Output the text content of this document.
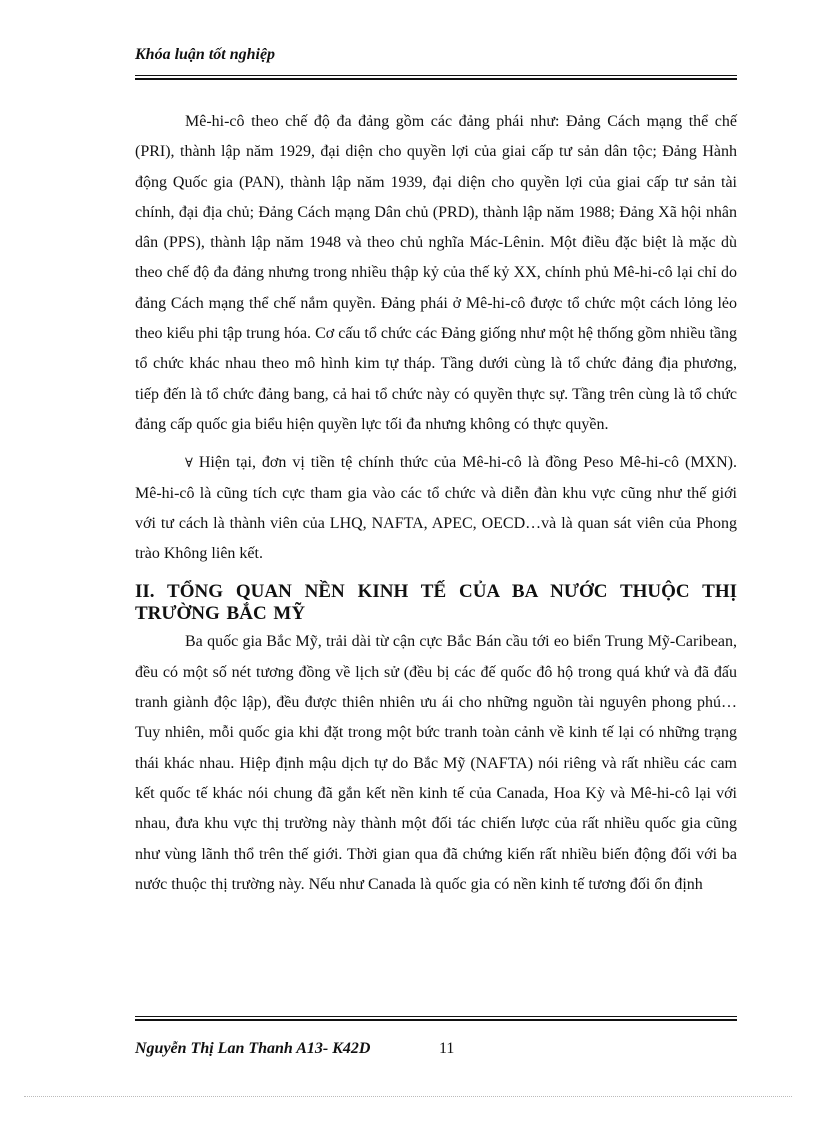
Khóa luận tốt nghiệp

Mê-hi-cô theo chế độ đa đảng gồm các đảng phái như: Đảng Cách mạng thể chế (PRI), thành lập năm 1929, đại diện cho quyền lợi của giai cấp tư sản dân tộc; Đảng Hành động Quốc gia (PAN), thành lập năm 1939, đại diện cho quyền lợi của giai cấp tư sản tài chính, đại địa chủ; Đảng Cách mạng Dân chủ (PRD), thành lập năm 1988; Đảng Xã hội nhân dân (PPS), thành lập năm 1948 và theo chủ nghĩa Mác-Lênin. Một điều đặc biệt là mặc dù theo chế độ đa đảng nhưng trong nhiều thập kỷ của thế kỷ XX, chính phủ Mê-hi-cô lại chỉ do đảng Cách mạng thể chế nắm quyền. Đảng phái ở Mê-hi-cô được tổ chức một cách lỏng lẻo theo kiểu phi tập trung hóa. Cơ cấu tổ chức các Đảng giống như một hệ thống gồm nhiều tầng tổ chức khác nhau theo mô hình kim tự tháp. Tầng dưới cùng là tổ chức đảng địa phương, tiếp đến là tổ chức đảng bang, cả hai tổ chức này có quyền thực sự. Tầng trên cùng là tổ chức đảng cấp quốc gia biểu hiện quyền lực tối đa nhưng không có thực quyền.

∀ Hiện tại, đơn vị tiền tệ chính thức của Mê-hi-cô là đồng Peso Mê-hi-cô (MXN). Mê-hi-cô là cũng tích cực tham gia vào các tổ chức và diễn đàn khu vực cũng như thế giới với tư cách là thành viên của LHQ, NAFTA, APEC, OECD…và là quan sát viên của Phong trào Không liên kết.

II. TỔNG QUAN NỀN KINH TẾ CỦA BA NƯỚC THUỘC THỊ TRƯỜNG BẮC MỸ

Ba quốc gia Bắc Mỹ, trải dài từ cận cực Bắc Bán cầu tới eo biển Trung Mỹ-Caribean, đều có một số nét tương đồng về lịch sử (đều bị các đế quốc đô hộ trong quá khứ và đã đấu tranh giành độc lập), đều được thiên nhiên ưu ái cho những nguồn tài nguyên phong phú…Tuy nhiên, mỗi quốc gia khi đặt trong một bức tranh toàn cảnh về kinh tế lại có những trạng thái khác nhau. Hiệp định mậu dịch tự do Bắc Mỹ (NAFTA) nói riêng và rất nhiều các cam kết quốc tế khác nói chung đã gắn kết nền kinh tế của Canada, Hoa Kỳ và Mê-hi-cô lại với nhau, đưa khu vực thị trường này thành một đối tác chiến lược của rất nhiều quốc gia cũng như vùng lãnh thổ trên thế giới. Thời gian qua đã chứng kiến rất nhiều biến động đối với ba nước thuộc thị trường này. Nếu như Canada là quốc gia có nền kinh tế tương đối ổn định

Nguyễn Thị Lan Thanh A13- K42D	11
